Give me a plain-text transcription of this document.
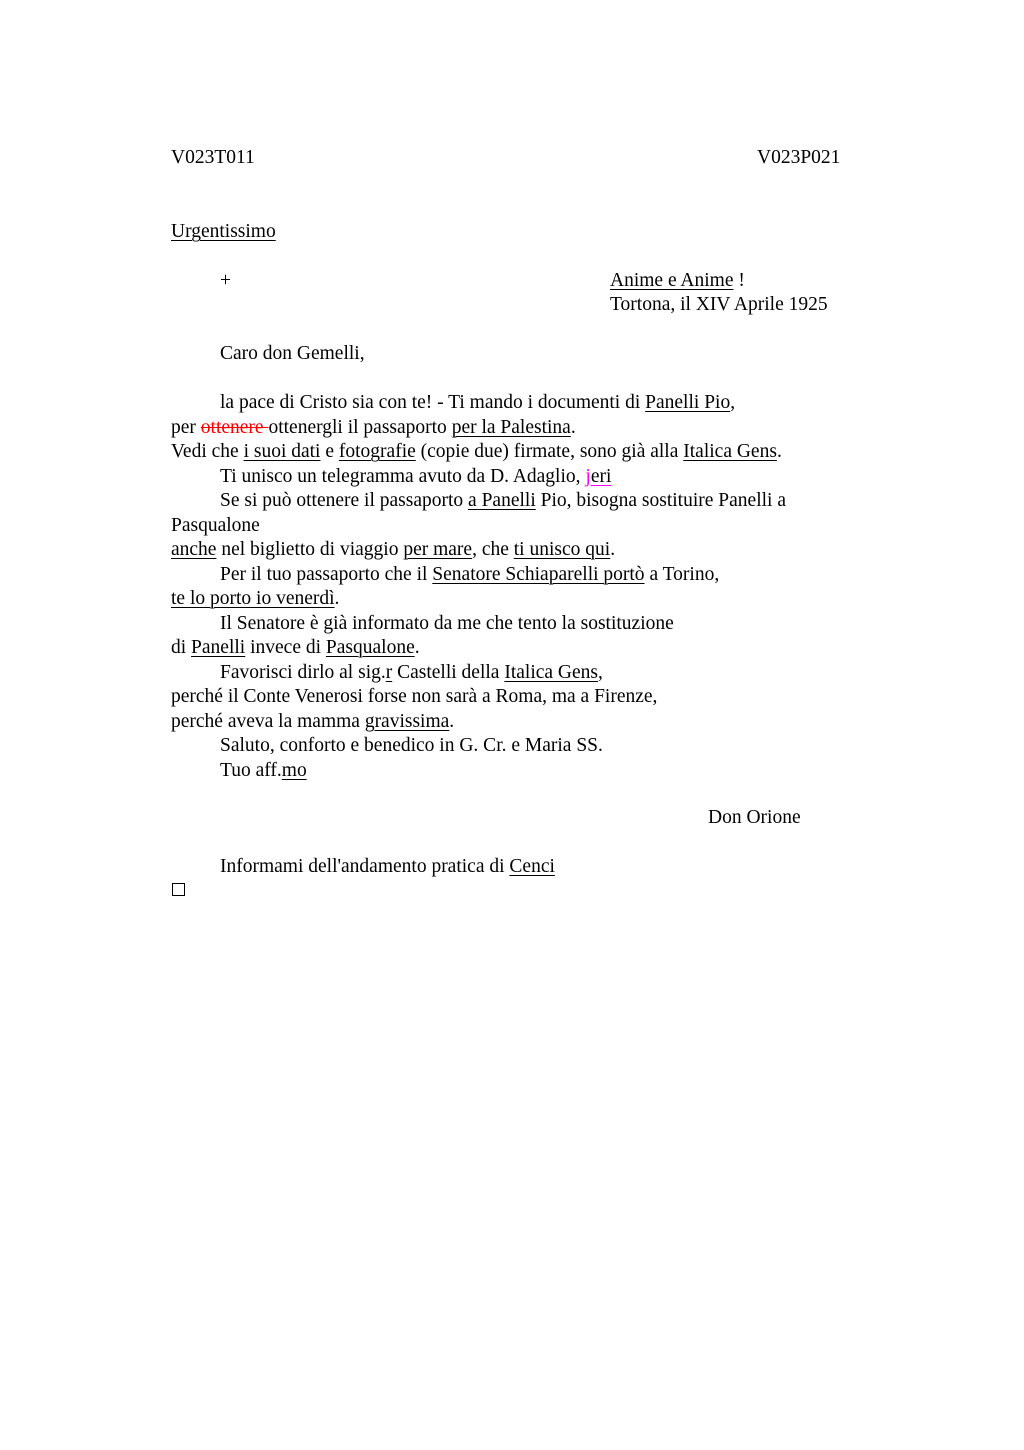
V023T011	V023P021
Urgentissimo
+	Anime e Anime !
Tortona, il XIV Aprile 1925
Caro don Gemelli,
la pace di Cristo sia con te! - Ti mando i documenti di Panelli Pio,
per ottenere ottenergli il passaporto per la Palestina.
Vedi che i suoi dati e fotografie (copie due) firmate, sono già alla Italica Gens.
Ti unisco un telegramma avuto da D. Adaglio, jeri
Se si può ottenere il passaporto a Panelli Pio, bisogna sostituire Panelli a
Pasqualone
anche nel biglietto di viaggio per mare, che ti unisco qui.
Per il tuo passaporto che il Senatore Schiaparelli portò a Torino,
te lo porto io venerdì.
Il Senatore è già informato da me che tento la sostituzione
di Panelli invece di Pasqualone.
Favorisci dirlo al sig.r Castelli della Italica Gens,
perché il Conte Venerosi forse non sarà a Roma, ma a Firenze,
perché aveva la mamma gravissima.
Saluto, conforto e benedico in G. Cr. e Maria SS.
Tuo aff.mo
Don Orione
Informami dell'andamento pratica di Cenci
